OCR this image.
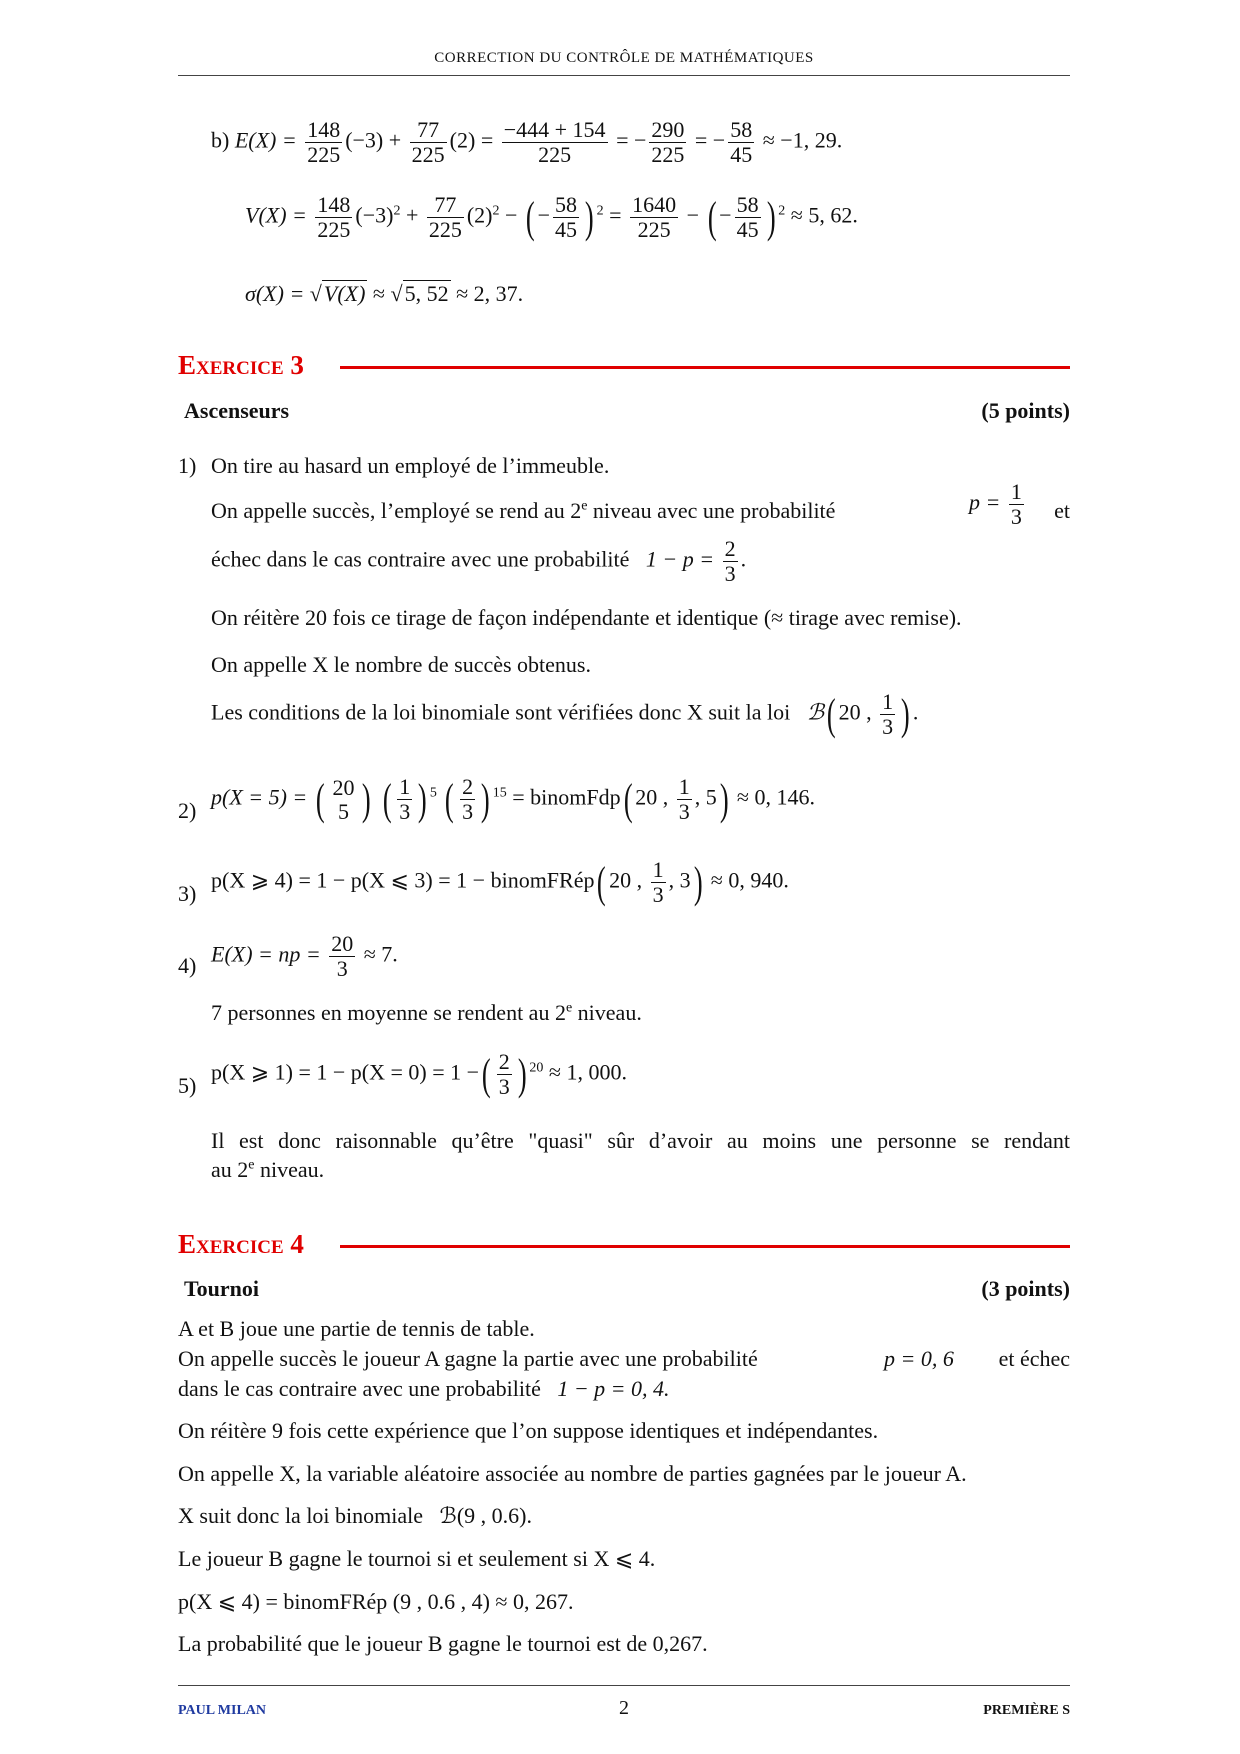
CORRECTION DU CONTRÔLE DE MATHÉMATIQUES
b) $E(X) = \frac{148}{225} (-3) + \frac{77}{225} (2) = \frac{-444 + 154}{225}$ = − $\frac{290}{225}$ = − $\frac{58}{45} \approx -1$, 29.
$V(X) = \frac{148}{225} (-3)^2 + \frac{77}{225} (2)^2$ − ( − $\frac{58}{45}$ ) $^2 = \frac{1640}{225}$ − ( − $\frac{58}{45}$ ) $^2$ ≈ 5, 62.
σ(X) = √V(X) ≈ √5, 52 ≈ 2, 37.
Exercice 3
Ascenseurs	(5 points)
1) On tire au hasard un employé de l’immeuble.
On appelle succès, l’employé se rend au 2e niveau avec une probabilité	$p = \frac{1}{3}$ et
échec dans le cas contraire avec une probabilité $1 - p = \frac{2}{3}$ .
On réitère 20 fois ce tirage de façon indépendante et identique (≈ tirage avec remise).
On appelle X le nombre de succès obtenus.
Les conditions de la loi binomiale sont vérifiées donc X suit la loi ℬ( 20 , $\frac{1}{3}$ ) .
2)
p(X = 5) = ( 20
5 ) ( $\frac{1}{3}$ ) $^5$ ( $\frac{2}{3}$ ) $^{15}$ = binomFdp( 20 , $\frac{1}{3}$ , 5) ≈ 0, 146.
3)
p(X ⩾ 4) = 1 − p(X ⩽ 3) = 1 − binomFRép( 20 , $\frac{1}{3}$ , 3) ≈ 0, 940.
4) E(X) = np = $\frac{20}{3} \approx 7$.
7 personnes en moyenne se rendent au 2e niveau.
5)
p(X ⩾ 1) = 1 − p(X = 0) = 1 −( $\frac{2}{3}$ ) $^{20}$ ≈ 1, 000.
Il est donc raisonnable qu’être "quasi" sûr d’avoir au moins une personne se rendant
au 2e niveau.
Exercice 4
Tournoi	(3 points)
A et B joue une partie de tennis de table.
On appelle succès le joueur A gagne la partie avec une probabilité	p = 0, 6 et échec
dans le cas contraire avec une probabilité 1 − p = 0, 4.
On réitère 9 fois cette expérience que l’on suppose identiques et indépendantes.
On appelle X, la variable aléatoire associée au nombre de parties gagnées par le joueur A.
X suit donc la loi binomiale ℬ(9 , 0.6).
Le joueur B gagne le tournoi si et seulement si X ⩽ 4.
p(X ⩽ 4) = binomFRép (9 , 0.6 , 4) ≈ 0, 267.
La probabilité que le joueur B gagne le tournoi est de 0,267.
PAUL MILAN	2	PREMIÈRE S
